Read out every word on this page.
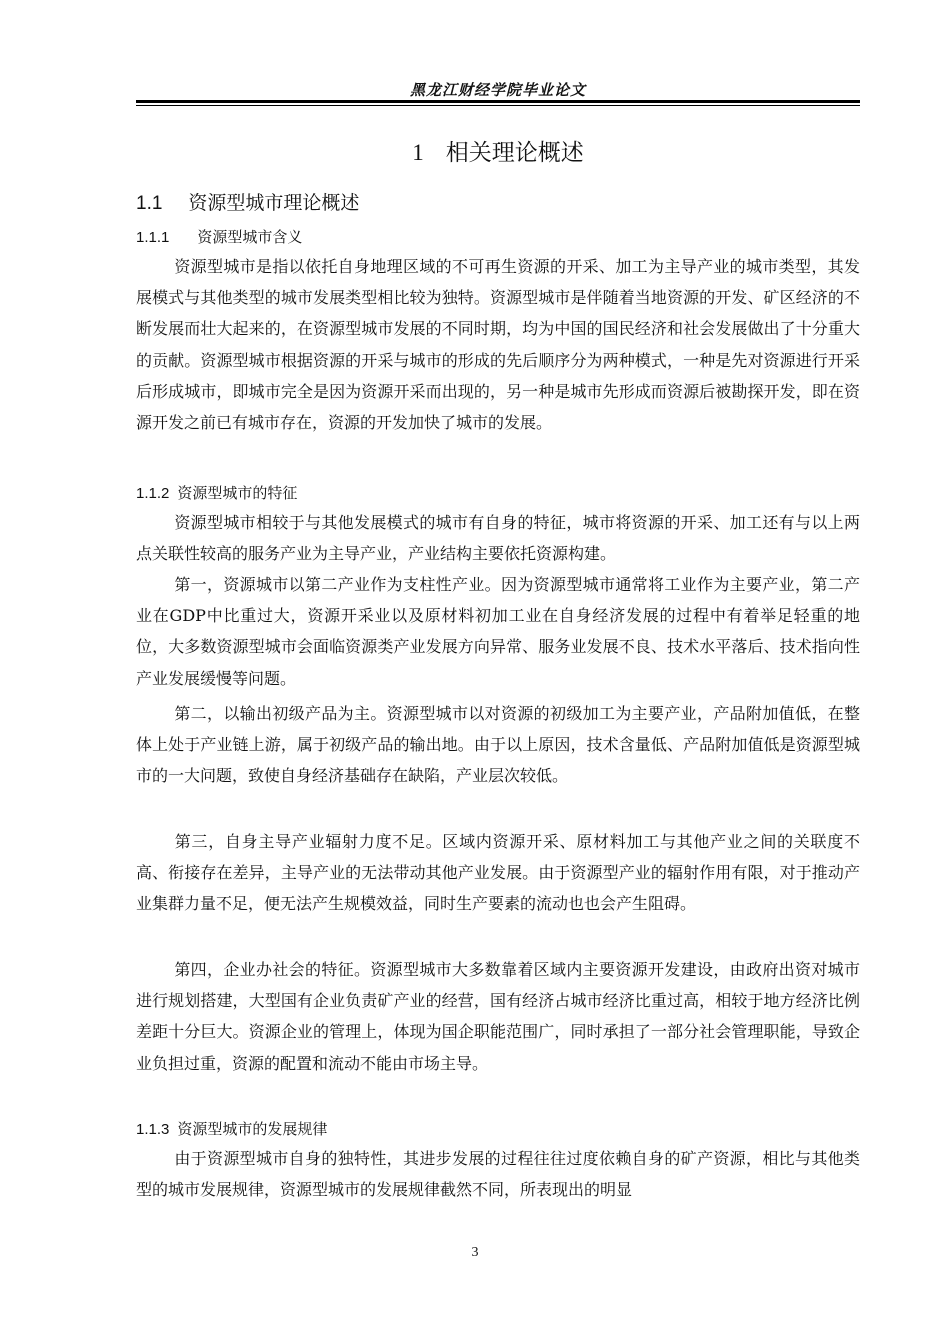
黑龙江财经学院毕业论文
1 相关理论概述
1.1 资源型城市理论概述
1.1.1 资源型城市含义

资源型城市是指以依托自身地理区域的不可再生资源的开采、加工为主导产业的城市类型，其发展模式与其他类型的城市发展类型相比较为独特。资源型城市是伴随着当地资源的开发、矿区经济的不断发展而壮大起来的，在资源型城市发展的不同时期，均为中国的国民经济和社会发展做出了十分重大的贡献。资源型城市根据资源的开采与城市的形成的先后顺序分为两种模式，一种是先对资源进行开采后形成城市，即城市完全是因为资源开采而出现的，另一种是城市先形成而资源后被勘探开发，即在资源开发之前已有城市存在，资源的开发加快了城市的发展。

1.1.2 资源型城市的特征

资源型城市相较于与其他发展模式的城市有自身的特征，城市将资源的开采、加工还有与以上两点关联性较高的服务产业为主导产业，产业结构主要依托资源构建。

第一，资源城市以第二产业作为支柱性产业。因为资源型城市通常将工业作为主要产业，第二产业在GDP中比重过大，资源开采业以及原材料初加工业在自身经济发展的过程中有着举足轻重的地位，大多数资源型城市会面临资源类产业发展方向异常、服务业发展不良、技术水平落后、技术指向性产业发展缓慢等问题。

第二，以输出初级产品为主。资源型城市以对资源的初级加工为主要产业，产品附加值低，在整体上处于产业链上游，属于初级产品的输出地。由于以上原因，技术含量低、产品附加值低是资源型城市的一大问题，致使自身经济基础存在缺陷，产业层次较低。

第三，自身主导产业辐射力度不足。区域内资源开采、原材料加工与其他产业之间的关联度不高、衔接存在差异，主导产业的无法带动其他产业发展。由于资源型产业的辐射作用有限，对于推动产业集群力量不足，便无法产生规模效益，同时生产要素的流动也也会产生阻碍。

第四，企业办社会的特征。资源型城市大多数靠着区域内主要资源开发建设，由政府出资对城市进行规划搭建，大型国有企业负责矿产业的经营，国有经济占城市经济比重过高，相较于地方经济比例差距十分巨大。资源企业的管理上，体现为国企职能范围广，同时承担了一部分社会管理职能，导致企业负担过重，资源的配置和流动不能由市场主导。

1.1.3 资源型城市的发展规律

由于资源型城市自身的独特性，其进步发展的过程往往过度依赖自身的矿产资源，相比与其他类型的城市发展规律，资源型城市的发展规律截然不同，所表现出的明显

3
